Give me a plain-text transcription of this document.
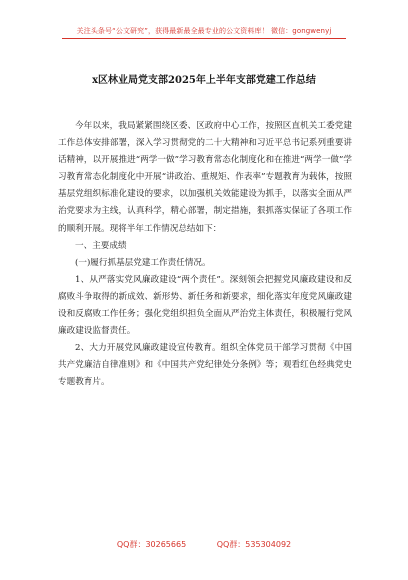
关注头条号“公文研究”，获得最新最全最专业的公文资料库！ 微信：gongwenyj
x区林业局党支部2025年上半年支部党建工作总结

今年以来，我局紧紧围绕区委、区政府中心工作，按照区直机关工委党建工作总体安排部署，深入学习贯彻党的二十大精神和习近平总书记系列重要讲话精神，以开展推进“两学一做”学习教育常态化制度化和在推进“两学一做”学习教育常态化制度化中开展“讲政治、重规矩、作表率”专题教育为载体，按照基层党组织标准化建设的要求，以加强机关效能建设为抓手，以落实全面从严治党要求为主线，认真科学，精心部署，制定措施，狠抓落实保证了各项工作的顺利开展。现将半年工作情况总结如下：

一、主要成绩

(一)履行抓基层党建工作责任情况。

1、从严落实党风廉政建设“两个责任”。深刻领会把握党风廉政建设和反腐败斗争取得的新成效、新形势、新任务和新要求，细化落实年度党风廉政建设和反腐败工作任务；强化党组织担负全面从严治党主体责任，积极履行党风廉政建设监督责任。

2、大力开展党风廉政建设宣传教育。组织全体党员干部学习贯彻《中国共产党廉洁自律准则》和《中国共产党纪律处分条例》等；观看红色经典党史专题教育片。

QQ群：30265665	QQ群：535304092
